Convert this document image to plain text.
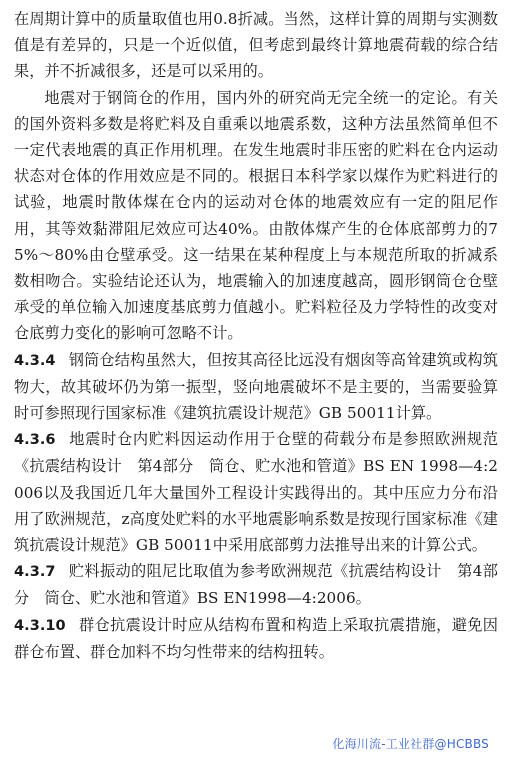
在周期计算中的质量取值也用0.8折减。当然，这样计算的周期与实测数值是有差异的，只是一个近似值，但考虑到最终计算地震荷载的综合结果，并不折减很多，还是可以采用的。

地震对于钢筒仓的作用，国内外的研究尚无完全统一的定论。有关的国外资料多数是将贮料及自重乘以地震系数，这种方法虽然简单但不一定代表地震的真正作用机理。在发生地震时非压密的贮料在仓内运动状态对仓体的作用效应是不同的。根据日本科学家以煤作为贮料进行的试验，地震时散体煤在仓内的运动对仓体的地震效应有一定的阻尼作用，其等效黏滞阻尼效应可达40%。由散体煤产生的仓体底部剪力的75%～80%由仓壁承受。这一结果在某种程度上与本规范所取的折减系数相吻合。实验结论还认为，地震输入的加速度越高，圆形钢筒仓仓壁承受的单位输入加速度基底剪力值越小。贮料粒径及力学特性的改变对仓底剪力变化的影响可忽略不计。

4.3.4 钢筒仓结构虽然大，但按其高径比远没有烟囱等高耸建筑或构筑物大，故其破坏仍为第一振型，竖向地震破坏不是主要的，当需要验算时可参照现行国家标准《建筑抗震设计规范》GB 50011计算。

4.3.6 地震时仓内贮料因运动作用于仓壁的荷载分布是参照欧洲规范《抗震结构设计　第4部分　筒仓、贮水池和管道》BS EN 1998—4:2006以及我国近几年大量国外工程设计实践得出的。其中压应力分布沿用了欧洲规范，z高度处贮料的水平地震影响系数是按现行国家标准《建筑抗震设计规范》GB 50011中采用底部剪力法推导出来的计算公式。

4.3.7 贮料振动的阻尼比取值为参考欧洲规范《抗震结构设计　第4部分　筒仓、贮水池和管道》BS EN1998—4:2006。

4.3.10 群仓抗震设计时应从结构布置和构造上采取抗震措施，避免因群仓布置、群仓加料不均匀性带来的结构扭转。

化海川流-工业社群@HCBBS
